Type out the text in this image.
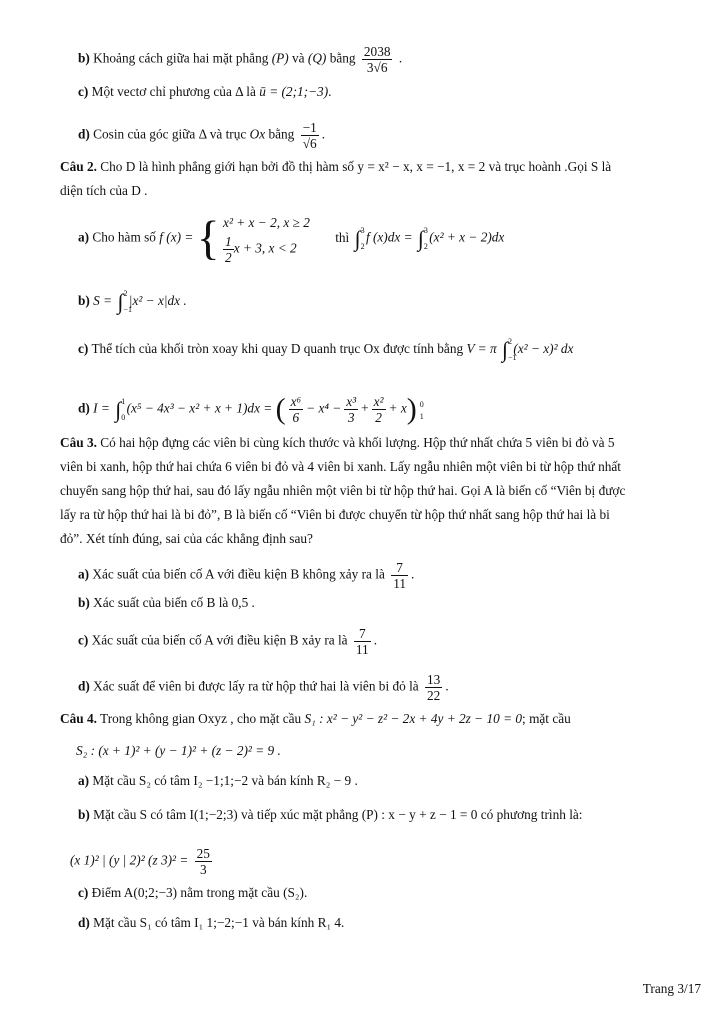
b) Khoảng cách giữa hai mặt phẳng (P) và (Q) bằng $\frac{2038}{3√6}$ .
c) Một vectơ chỉ phương của Δ là ū = (2;1;−3).
d) Cosin của góc giữa Δ và trục Ox bằng $\frac{-1}{√6}$ .
Câu 2. Cho D là hình phẳng giới hạn bởi đồ thị hàm số y = x² − x, x = −1, x = 2 và trục hoành .Gọi S là
diện tích của D .
a) Cho hàm số f (x) = { x² + x − 2, x ≥ 2
$\frac{1}{2}$ x + 3, x < 2
thì ∫ 3
2
f (x)dx = ∫ 3
2
(x² + x − 2)dx
b) S = ∫ 2
−1
|x² − x|dx .
c) Thể tích của khối tròn xoay khi quay D quanh trục Ox được tính bằng V = π ∫ 2
−1
(x² − x)² dx
d) I = ∫ 1
0
(x⁵ − 4x³ − x² + x + 1)dx = ( $\frac{\text{x⁶}}{6} - x^4 - \frac{\text{x³}}{3} + \frac{\text{x²}}{2} + x$) 0
1
Câu 3. Có hai hộp đựng các viên bi cùng kích thước và khối lượng. Hộp thứ nhất chứa 5 viên bi đỏ và 5
viên bi xanh, hộp thứ hai chứa 6 viên bi đỏ và 4 viên bi xanh. Lấy ngẫu nhiên một viên bi từ hộp thứ nhất
chuyển sang hộp thứ hai, sau đó lấy ngẫu nhiên một viên bi từ hộp thứ hai. Gọi A là biến cố “Viên bị được
lấy ra từ hộp thứ hai là bi đỏ”, B là biến cố “Viên bi được chuyển từ hộp thứ nhất sang hộp thứ hai là bi
đỏ”. Xét tính đúng, sai của các khẳng định sau?
a) Xác suất của biến cố A với điều kiện B không xảy ra là $\frac{7}{11}$ .
b) Xác suất của biến cố B là 0,5 .
c) Xác suất của biến cố A với điều kiện B xảy ra là $\frac{7}{11}$ .
d) Xác suất để viên bi được lấy ra từ hộp thứ hai là viên bi đỏ là $\frac{13}{22}$ .
Câu 4. Trong không gian Oxyz , cho mặt cầu S₁ : x² − y² − z² − 2x + 4y + 2z − 10 = 0; mặt cầu
S₂ : (x + 1)² + (y − 1)² + (z − 2)² = 9 .
a) Mặt cầu S₂ có tâm I₂ −1;1;−2 và bán kính R₂ − 9 .
b) Mặt cầu S có tâm I(1;−2;3) và tiếp xúc mặt phẳng (P) : x − y + z − 1 = 0 có phương trình là:
(x 1)² | (y | 2)² (z $3)^2 = \frac{25}{3}$
c) Điểm A(0;2;−3) nằm trong mặt cầu (S₂).
d) Mặt cầu S₁ có tâm I₁ 1;−2;−1 và bán kính R₁ 4.
Trang 3/17
